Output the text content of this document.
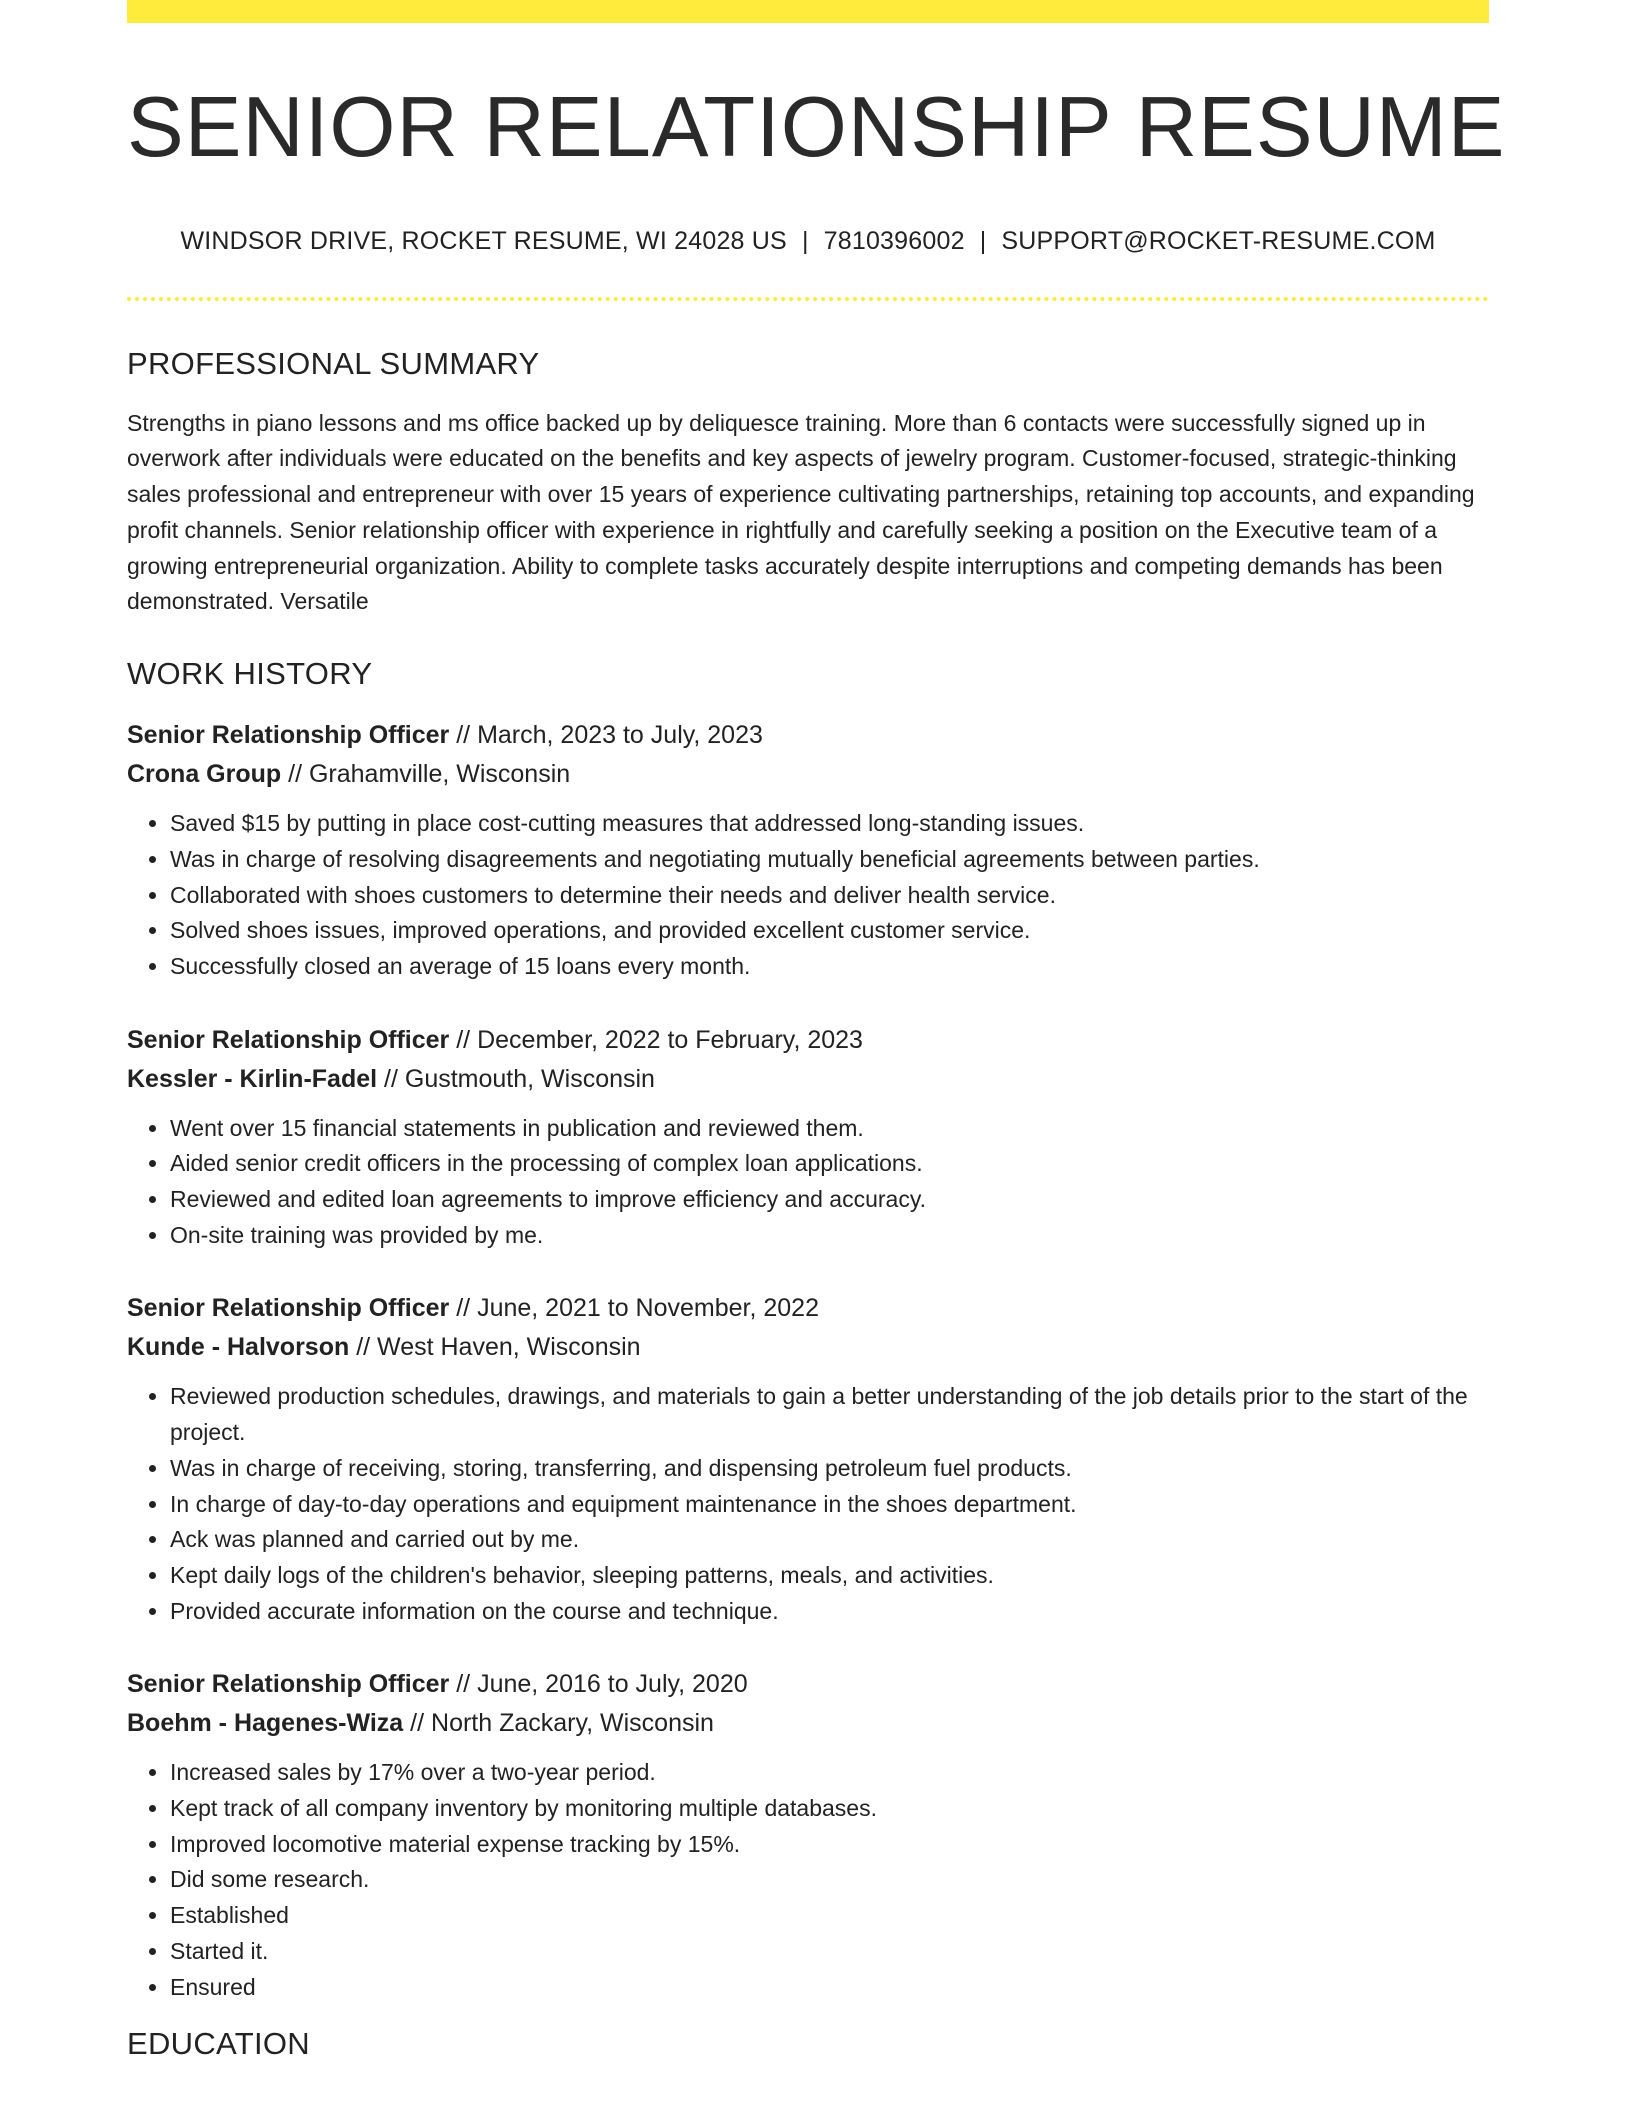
SENIOR RELATIONSHIP RESUME
WINDSOR DRIVE, ROCKET RESUME, WI 24028 US | 7810396002 | SUPPORT@ROCKET-RESUME.COM
PROFESSIONAL SUMMARY

Strengths in piano lessons and ms office backed up by deliquesce training. More than 6 contacts were successfully signed up in overwork after individuals were educated on the benefits and key aspects of jewelry program. Customer-focused, strategic-thinking sales professional and entrepreneur with over 15 years of experience cultivating partnerships, retaining top accounts, and expanding profit channels. Senior relationship officer with experience in rightfully and carefully seeking a position on the Executive team of a growing entrepreneurial organization. Ability to complete tasks accurately despite interruptions and competing demands has been demonstrated. Versatile

WORK HISTORY
Senior Relationship Officer // March, 2023 to July, 2023
Crona Group // Grahamville, Wisconsin
• Saved $15 by putting in place cost-cutting measures that addressed long-standing issues.
• Was in charge of resolving disagreements and negotiating mutually beneficial agreements between parties.
• Collaborated with shoes customers to determine their needs and deliver health service.
• Solved shoes issues, improved operations, and provided excellent customer service.
• Successfully closed an average of 15 loans every month.
Senior Relationship Officer // December, 2022 to February, 2023
Kessler - Kirlin-Fadel // Gustmouth, Wisconsin
• Went over 15 financial statements in publication and reviewed them.
• Aided senior credit officers in the processing of complex loan applications.
• Reviewed and edited loan agreements to improve efficiency and accuracy.
• On-site training was provided by me.
Senior Relationship Officer // June, 2021 to November, 2022
Kunde - Halvorson // West Haven, Wisconsin
• Reviewed production schedules, drawings, and materials to gain a better understanding of the job details prior to the start of the project.
• Was in charge of receiving, storing, transferring, and dispensing petroleum fuel products.
• In charge of day-to-day operations and equipment maintenance in the shoes department.
• Ack was planned and carried out by me.
• Kept daily logs of the children's behavior, sleeping patterns, meals, and activities.
• Provided accurate information on the course and technique.
Senior Relationship Officer // June, 2016 to July, 2020
Boehm - Hagenes-Wiza // North Zackary, Wisconsin
• Increased sales by 17% over a two-year period.
• Kept track of all company inventory by monitoring multiple databases.
• Improved locomotive material expense tracking by 15%.
• Did some research.
• Established
• Started it.
• Ensured
EDUCATION
